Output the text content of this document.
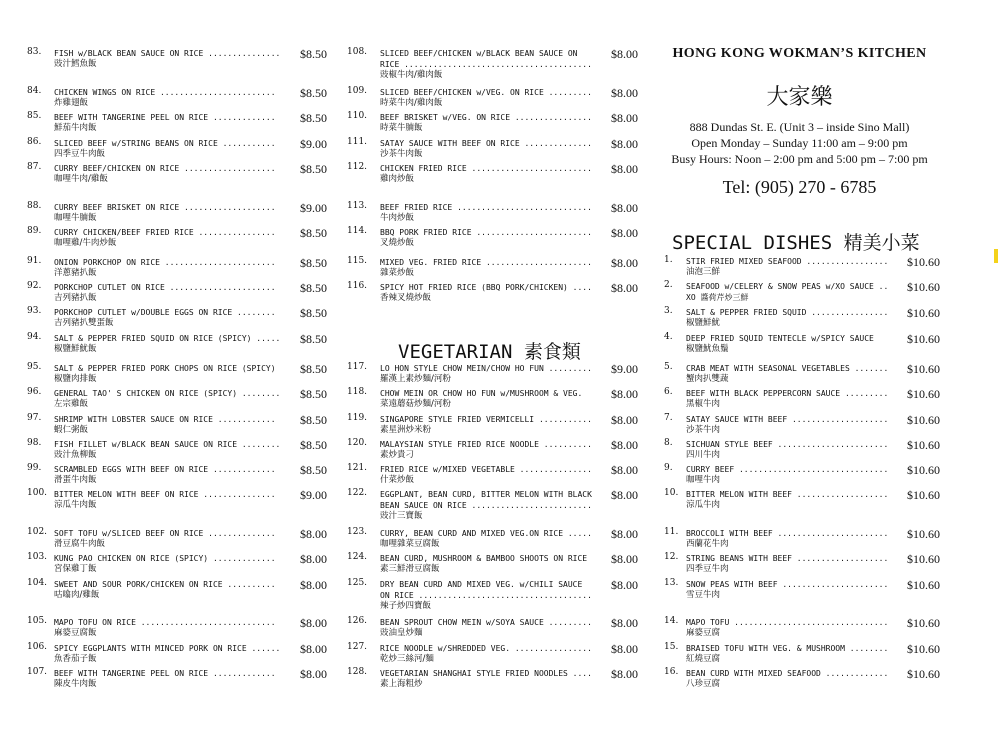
HONG KONG WOKMAN’S KITCHEN
大家樂
888 Dundas St. E. (Unit 3 – inside Sino Mall)
Open Monday – Sunday 11:00 am – 9:00 pm
Busy Hours: Noon – 2:00 pm and 5:00 pm – 7:00 pm
Tel: (905) 270 - 6785
VEGETARIAN 素食類
SPECIAL DISHES 精美小菜
83. FISH w/BLACK BEAN SAUCE ON RICE ...............
豉汁鱈魚飯
$8.50
84. CHICKEN WINGS ON RICE ........................
炸雞翅飯
$8.50
85. BEEF WITH TANGERINE PEEL ON RICE .............
鮮茄牛肉飯
$8.50
86. SLICED BEEF w/STRING BEANS ON RICE ...........
四季豆牛肉飯
$9.00
87. CURRY BEEF/CHICKEN ON RICE ...................
咖哩牛肉/雞飯
$8.50
88. CURRY BEEF BRISKET ON RICE ...................
咖哩牛腩飯
$9.00
89. CURRY CHICKEN/BEEF FRIED RICE ................
咖哩雞/牛肉炒飯
$8.50
91. ONION PORKCHOP ON RICE .......................
洋蔥豬扒飯
$8.50
92. PORKCHOP CUTLET ON RICE ......................
吉列豬扒飯
$8.50
93. PORKCHOP CUTLET w/DOUBLE EGGS ON RICE ........
吉列豬扒雙蛋飯
$8.50
94. SALT & PEPPER FRIED SQUID ON RICE (SPICY) .....
椒鹽鮮魷飯
$8.50
95. SALT & PEPPER FRIED PORK CHOPS ON RICE (SPICY)
椒鹽肉排飯
$8.50
96. GENERAL TAO' S CHICKEN ON RICE (SPICY) ........
左宗雞飯
$8.50
97. SHRIMP WITH LOBSTER SAUCE ON RICE ............
蝦仁粥飯
$8.50
98. FISH FILLET w/BLACK BEAN SAUCE ON RICE ........
豉汁魚柳飯
$8.50
99. SCRAMBLED EGGS WITH BEEF ON RICE .............
滑蛋牛肉飯
$8.50
100. BITTER MELON WITH BEEF ON RICE ...............
涼瓜牛肉飯
$9.00
102. SOFT TOFU w/SLICED BEEF ON RICE ..............
滑豆腐牛肉飯
$8.00
103. KUNG PAO CHICKEN ON RICE (SPICY) .............
宮保雞丁飯
$8.00
104. SWEET AND SOUR PORK/CHICKEN ON RICE ..........
咕噏肉/雞飯
$8.00
105. MAPO TOFU ON RICE ............................
麻婆豆腐飯
$8.00
106. SPICY EGGPLANTS WITH MINCED PORK ON RICE ......
魚香茄子飯
$8.00
107. BEEF WITH TANGERINE PEEL ON RICE .............
陳皮牛肉飯
$8.00
108. SLICED BEEF/CHICKEN w/BLACK BEAN SAUCE ON
RICE .......................................
豉椒牛肉/雞肉飯
$8.00
109. SLICED BEEF/CHICKEN w/VEG. ON RICE .........
時菜牛肉/雞肉飯
$8.00
110. BEEF BRISKET w/VEG. ON RICE ................
時菜牛腩飯
$8.00
111. SATAY SAUCE WITH BEEF ON RICE ..............
沙茶牛肉飯
$8.00
112. CHICKEN FRIED RICE .........................
雞肉炒飯
$8.00
113. BEEF FRIED RICE ............................
牛肉炒飯
$8.00
114. BBQ PORK FRIED RICE ........................
叉燒炒飯
$8.00
115. MIXED VEG. FRIED RICE ......................
雜菜炒飯
$8.00
116. SPICY HOT FRIED RICE (BBQ PORK/CHICKEN) ....
香辣叉燒炒飯
$8.00
117. LO HON STYLE CHOW MEIN/CHOW HO FUN .........
羅漢上素炒麵/河粉
$9.00
118. CHOW MEIN OR CHOW HO FUN w/MUSHROOM & VEG.
菜遠蘑菇炒麵/河粉
$8.00
119. SINGAPORE STYLE FRIED VERMICELLI ...........
素星洲炒米粉
$8.00
120. MALAYSIAN STYLE FRIED RICE NOODLE ..........
素炒貴刁
$8.00
121. FRIED RICE w/MIXED VEGETABLE ...............
什菜炒飯
$8.00
122. EGGPLANT, BEAN CURD, BITTER MELON WITH BLACK
BEAN SAUCE ON RICE .........................
豉汁三寶飯
$8.00
123. CURRY, BEAN CURD AND MIXED VEG.ON RICE .....
咖哩雜菜豆腐飯
$8.00
124. BEAN CURD, MUSHROOM & BAMBOO SHOOTS ON RICE
素三鮮滑豆腐飯
$8.00
125. DRY BEAN CURD AND MIXED VEG. w/CHILI SAUCE
ON RICE ....................................
辣子炒四寶飯
$8.00
126. BEAN SPROUT CHOW MEIN w/SOYA SAUCE .........
豉油皇炒麵
$8.00
127. RICE NOODLE w/SHREDDED VEG. ................
乾炒三絲河/麵
$8.00
128. VEGETARIAN SHANGHAI STYLE FRIED NOODLES ....
素上海粗炒
$8.00
1. STIR FRIED MIXED SEAFOOD .................
油泡三鮮
$10.60
2. SEAFOOD w/CELERY & SNOW PEAS w/XO SAUCE ..
XO 醬荷芹炒三鮮
$10.60
3. SALT & PEPPER FRIED SQUID ................
椒鹽鮮魷
$10.60
4. DEEP FRIED SQUID TENTECLE w/SPICY SAUCE
椒鹽魷魚鬚
$10.60
5. CRAB MEAT WITH SEASONAL VEGETABLES .......
蟹肉扒雙蔬
$10.60
6. BEEF WITH BLACK PEPPERCORN SAUCE .........
黑椒牛肉
$10.60
7. SATAY SAUCE WITH BEEF ....................
沙茶牛肉
$10.60
8. SICHUAN STYLE BEEF .......................
四川牛肉
$10.60
9. CURRY BEEF ...............................
咖哩牛肉
$10.60
10. BITTER MELON WITH BEEF ...................
涼瓜牛肉
$10.60
11. BROCCOLI WITH BEEF .......................
西蘭花牛肉
$10.60
12. STRING BEANS WITH BEEF ...................
四季豆牛肉
$10.60
13. SNOW PEAS WITH BEEF ......................
雪豆牛肉
$10.60
14. MAPO TOFU ................................
麻婆豆腐
$10.60
15. BRAISED TOFU WITH VEG. & MUSHROOM ........
紅燒豆腐
$10.60
16. BEAN CURD WITH MIXED SEAFOOD .............
八珍豆腐
$10.60
